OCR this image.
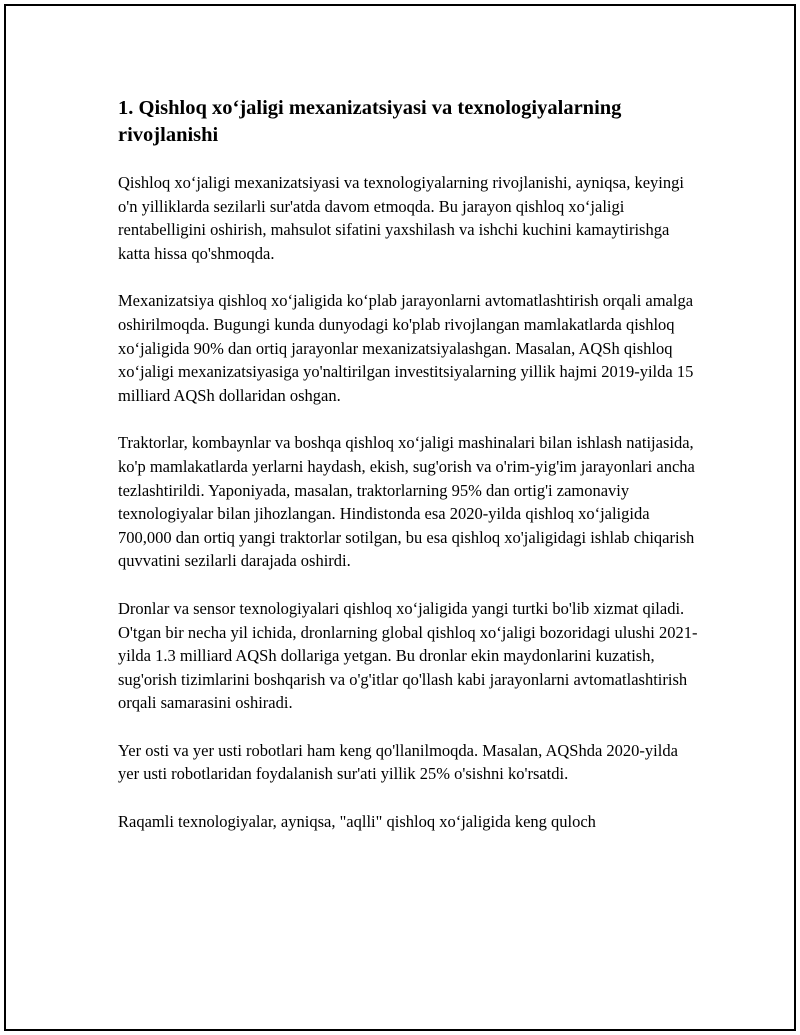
1. Qishloq xo‘jaligi mexanizatsiyasi va texnologiyalarning rivojlanishi

Qishloq xo‘jaligi mexanizatsiyasi va texnologiyalarning rivojlanishi, ayniqsa, keyingi o'n yilliklarda sezilarli sur'atda davom etmoqda. Bu jarayon qishloq xo‘jaligi rentabelligini oshirish, mahsulot sifatini yaxshilash va ishchi kuchini kamaytirishga katta hissa qo'shmoqda.

Mexanizatsiya qishloq xo‘jaligida ko‘plab jarayonlarni avtomatlashtirish orqali amalga oshirilmoqda. Bugungi kunda dunyodagi ko'plab rivojlangan mamlakatlarda qishloq xo‘jaligida 90% dan ortiq jarayonlar mexanizatsiyalashgan. Masalan, AQSh qishloq xo‘jaligi mexanizatsiyasiga yo'naltirilgan investitsiyalarning yillik hajmi 2019-yilda 15 milliard AQSh dollaridan oshgan.

Traktorlar, kombaynlar va boshqa qishloq xo‘jaligi mashinalari bilan ishlash natijasida, ko'p mamlakatlarda yerlarni haydash, ekish, sug'orish va o'rim-yig'im jarayonlari ancha tezlashtirildi. Yaponiyada, masalan, traktorlarning 95% dan ortig'i zamonaviy texnologiyalar bilan jihozlangan. Hindistonda esa 2020-yilda qishloq xo‘jaligida 700,000 dan ortiq yangi traktorlar sotilgan, bu esa qishloq xo'jaligidagi ishlab chiqarish quvvatini sezilarli darajada oshirdi.

Dronlar va sensor texnologiyalari qishloq xo‘jaligida yangi turtki bo'lib xizmat qiladi. O'tgan bir necha yil ichida, dronlarning global qishloq xo‘jaligi bozoridagi ulushi 2021-yilda 1.3 milliard AQSh dollariga yetgan. Bu dronlar ekin maydonlarini kuzatish, sug'orish tizimlarini boshqarish va o'g'itlar qo'llash kabi jarayonlarni avtomatlashtirish orqali samarasini oshiradi.

Yer osti va yer usti robotlari ham keng qo'llanilmoqda. Masalan, AQShda 2020-yilda yer usti robotlaridan foydalanish sur'ati yillik 25% o'sishni ko'rsatdi.

Raqamli texnologiyalar, ayniqsa, "aqlli" qishloq xo‘jaligida keng quloch
